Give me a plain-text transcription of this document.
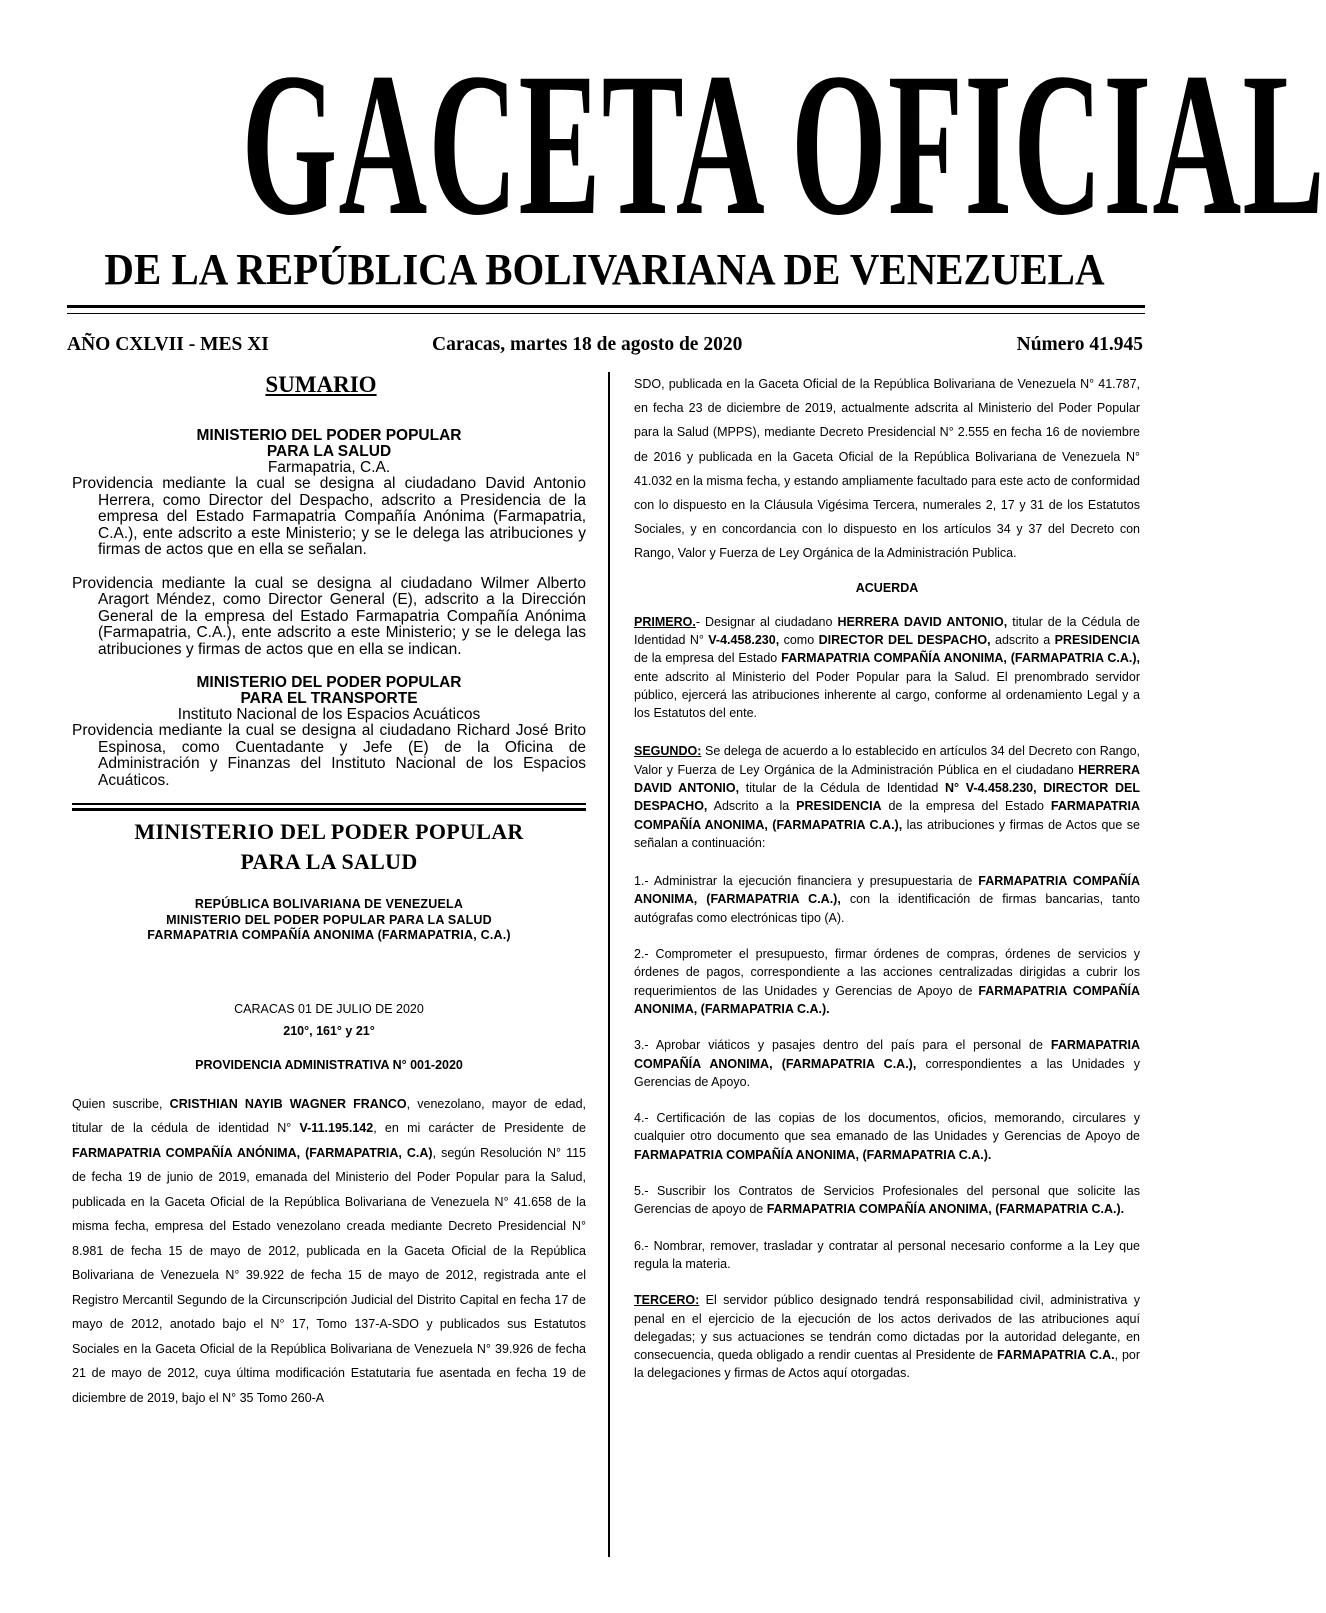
GACETA OFICIAL
DE LA REPÚBLICA BOLIVARIANA DE VENEZUELA
AÑO CXLVII - MES XI	Caracas, martes 18 de agosto de 2020	Número 41.945
SUMARIO
MINISTERIO DEL PODER POPULAR
PARA LA SALUD
Farmapatria, C.A.
Providencia mediante la cual se designa al ciudadano David Antonio Herrera, como Director del Despacho, adscrito a Presidencia de la empresa del Estado Farmapatria Compañía Anónima (Farmapatria, C.A.), ente adscrito a este Ministerio; y se le delega las atribuciones y firmas de actos que en ella se señalan.
Providencia mediante la cual se designa al ciudadano Wilmer Alberto Aragort Méndez, como Director General (E), adscrito a la Dirección General de la empresa del Estado Farmapatria Compañía Anónima (Farmapatria, C.A.), ente adscrito a este Ministerio; y se le delega las atribuciones y firmas de actos que en ella se indican.
MINISTERIO DEL PODER POPULAR
PARA EL TRANSPORTE
Instituto Nacional de los Espacios Acuáticos
Providencia mediante la cual se designa al ciudadano Richard José Brito Espinosa, como Cuentadante y Jefe (E) de la Oficina de Administración y Finanzas del Instituto Nacional de los Espacios Acuáticos.
MINISTERIO DEL PODER POPULAR
PARA LA SALUD
REPÚBLICA BOLIVARIANA DE VENEZUELA
MINISTERIO DEL PODER POPULAR PARA LA SALUD
FARMAPATRIA COMPAÑÍA ANONIMA (FARMAPATRIA, C.A.)
CARACAS 01 DE JULIO DE 2020
210°, 161° y 21°
PROVIDENCIA ADMINISTRATIVA N° 001-2020
Quien suscribe, CRISTHIAN NAYIB WAGNER FRANCO, venezolano, mayor de edad, titular de la cédula de identidad N° V-11.195.142, en mi carácter de Presidente de FARMAPATRIA COMPAÑÍA ANÓNIMA, (FARMAPATRIA, C.A), según Resolución N° 115 de fecha 19 de junio de 2019, emanada del Ministerio del Poder Popular para la Salud, publicada en la Gaceta Oficial de la República Bolivariana de Venezuela N° 41.658 de la misma fecha, empresa del Estado venezolano creada mediante Decreto Presidencial N° 8.981 de fecha 15 de mayo de 2012, publicada en la Gaceta Oficial de la República Bolivariana de Venezuela N° 39.922 de fecha 15 de mayo de 2012, registrada ante el Registro Mercantil Segundo de la Circunscripción Judicial del Distrito Capital en fecha 17 de mayo de 2012, anotado bajo el N° 17, Tomo 137-A-SDO y publicados sus Estatutos Sociales en la Gaceta Oficial de la República Bolivariana de Venezuela N° 39.926 de fecha 21 de mayo de 2012, cuya última modificación Estatutaria fue asentada en fecha 19 de diciembre de 2019, bajo el N° 35 Tomo 260-A
SDO, publicada en la Gaceta Oficial de la República Bolivariana de Venezuela N° 41.787, en fecha 23 de diciembre de 2019, actualmente adscrita al Ministerio del Poder Popular para la Salud (MPPS), mediante Decreto Presidencial N° 2.555 en fecha 16 de noviembre de 2016 y publicada en la Gaceta Oficial de la República Bolivariana de Venezuela N° 41.032 en la misma fecha, y estando ampliamente facultado para este acto de conformidad con lo dispuesto en la Cláusula Vigésima Tercera, numerales 2, 17 y 31 de los Estatutos Sociales, y en concordancia con lo dispuesto en los artículos 34 y 37 del Decreto con Rango, Valor y Fuerza de Ley Orgánica de la Administración Publica.
ACUERDA
PRIMERO.- Designar al ciudadano HERRERA DAVID ANTONIO, titular de la Cédula de Identidad N° V-4.458.230, como DIRECTOR DEL DESPACHO, adscrito a PRESIDENCIA de la empresa del Estado FARMAPATRIA COMPAÑÍA ANONIMA, (FARMAPATRIA C.A.), ente adscrito al Ministerio del Poder Popular para la Salud. El prenombrado servidor público, ejercerá las atribuciones inherente al cargo, conforme al ordenamiento Legal y a los Estatutos del ente.
SEGUNDO: Se delega de acuerdo a lo establecido en artículos 34 del Decreto con Rango, Valor y Fuerza de Ley Orgánica de la Administración Pública en el ciudadano HERRERA DAVID ANTONIO, titular de la Cédula de Identidad N° V-4.458.230, DIRECTOR DEL DESPACHO, Adscrito a la PRESIDENCIA de la empresa del Estado FARMAPATRIA COMPAÑÍA ANONIMA, (FARMAPATRIA C.A.), las atribuciones y firmas de Actos que se señalan a continuación:
1.- Administrar la ejecución financiera y presupuestaria de FARMAPATRIA COMPAÑÍA ANONIMA, (FARMAPATRIA C.A.), con la identificación de firmas bancarias, tanto autógrafas como electrónicas tipo (A).
2.- Comprometer el presupuesto, firmar órdenes de compras, órdenes de servicios y órdenes de pagos, correspondiente a las acciones centralizadas dirigidas a cubrir los requerimientos de las Unidades y Gerencias de Apoyo de FARMAPATRIA COMPAÑÍA ANONIMA, (FARMAPATRIA C.A.).
3.- Aprobar viáticos y pasajes dentro del país para el personal de FARMAPATRIA COMPAÑÍA ANONIMA, (FARMAPATRIA C.A.), correspondientes a las Unidades y Gerencias de Apoyo.
4.- Certificación de las copias de los documentos, oficios, memorando, circulares y cualquier otro documento que sea emanado de las Unidades y Gerencias de Apoyo de FARMAPATRIA COMPAÑÍA ANONIMA, (FARMAPATRIA C.A.).
5.- Suscribir los Contratos de Servicios Profesionales del personal que solicite las Gerencias de apoyo de FARMAPATRIA COMPAÑÍA ANONIMA, (FARMAPATRIA C.A.).
6.- Nombrar, remover, trasladar y contratar al personal necesario conforme a la Ley que regula la materia.
TERCERO: El servidor público designado tendrá responsabilidad civil, administrativa y penal en el ejercicio de la ejecución de los actos derivados de las atribuciones aquí delegadas; y sus actuaciones se tendrán como dictadas por la autoridad delegante, en consecuencia, queda obligado a rendir cuentas al Presidente de FARMAPATRIA C.A., por la delegaciones y firmas de Actos aquí otorgadas.
